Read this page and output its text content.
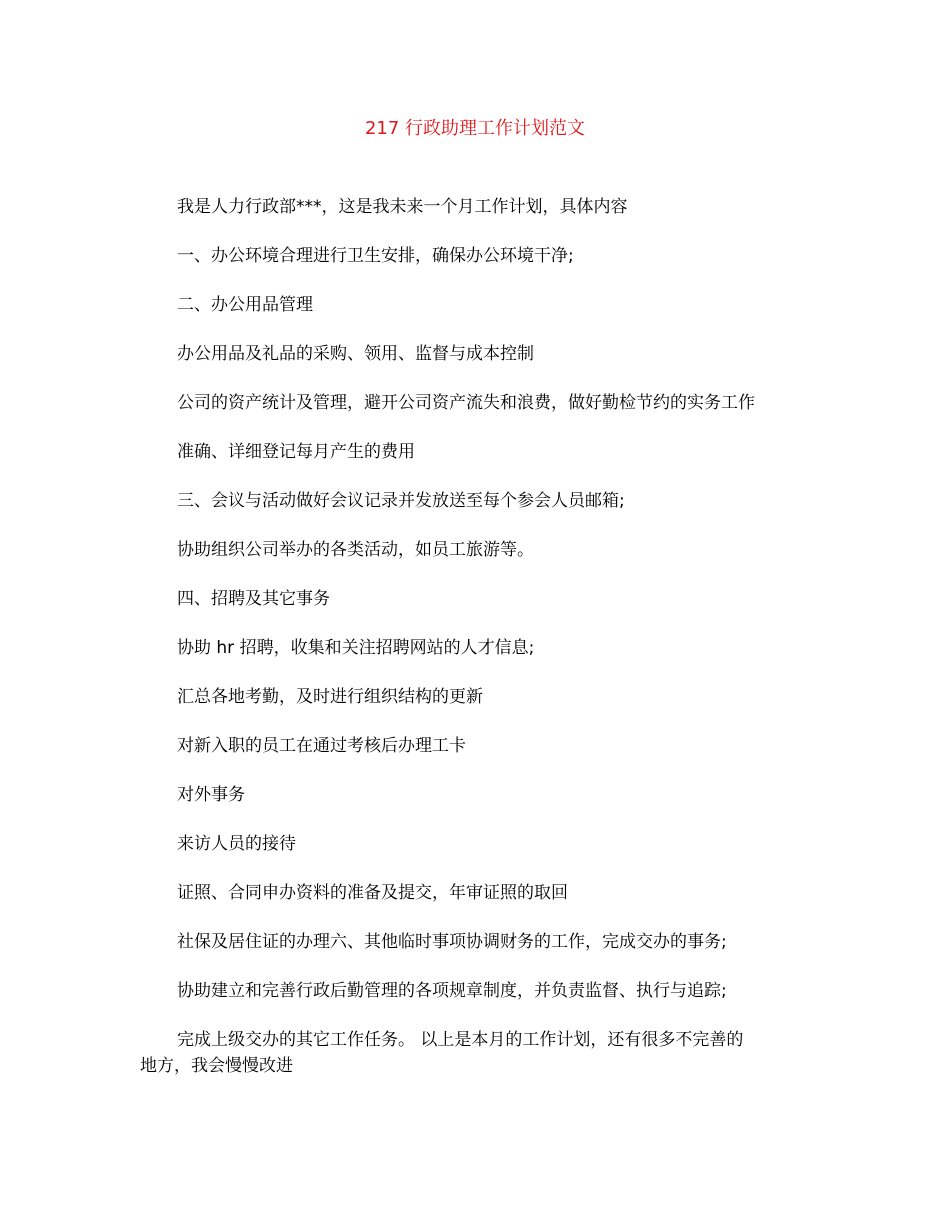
217 行政助理工作计划范文
我是人力行政部***，这是我未来一个月工作计划，具体内容
一、办公环境合理进行卫生安排，确保办公环境干净;
二、办公用品管理
办公用品及礼品的采购、领用、监督与成本控制
公司的资产统计及管理，避开公司资产流失和浪费，做好勤检节约的实务工作
准确、详细登记每月产生的费用
三、会议与活动做好会议记录并发放送至每个参会人员邮箱;
协助组织公司举办的各类活动，如员工旅游等。
四、招聘及其它事务
协助 hr 招聘，收集和关注招聘网站的人才信息;
汇总各地考勤，及时进行组织结构的更新
对新入职的员工在通过考核后办理工卡
对外事务
来访人员的接待
证照、合同申办资料的准备及提交，年审证照的取回
社保及居住证的办理六、其他临时事项协调财务的工作，完成交办的事务;
协助建立和完善行政后勤管理的各项规章制度，并负责监督、执行与追踪;
完成上级交办的其它工作任务。 以上是本月的工作计划，还有很多不完善的
地方，我会慢慢改进
